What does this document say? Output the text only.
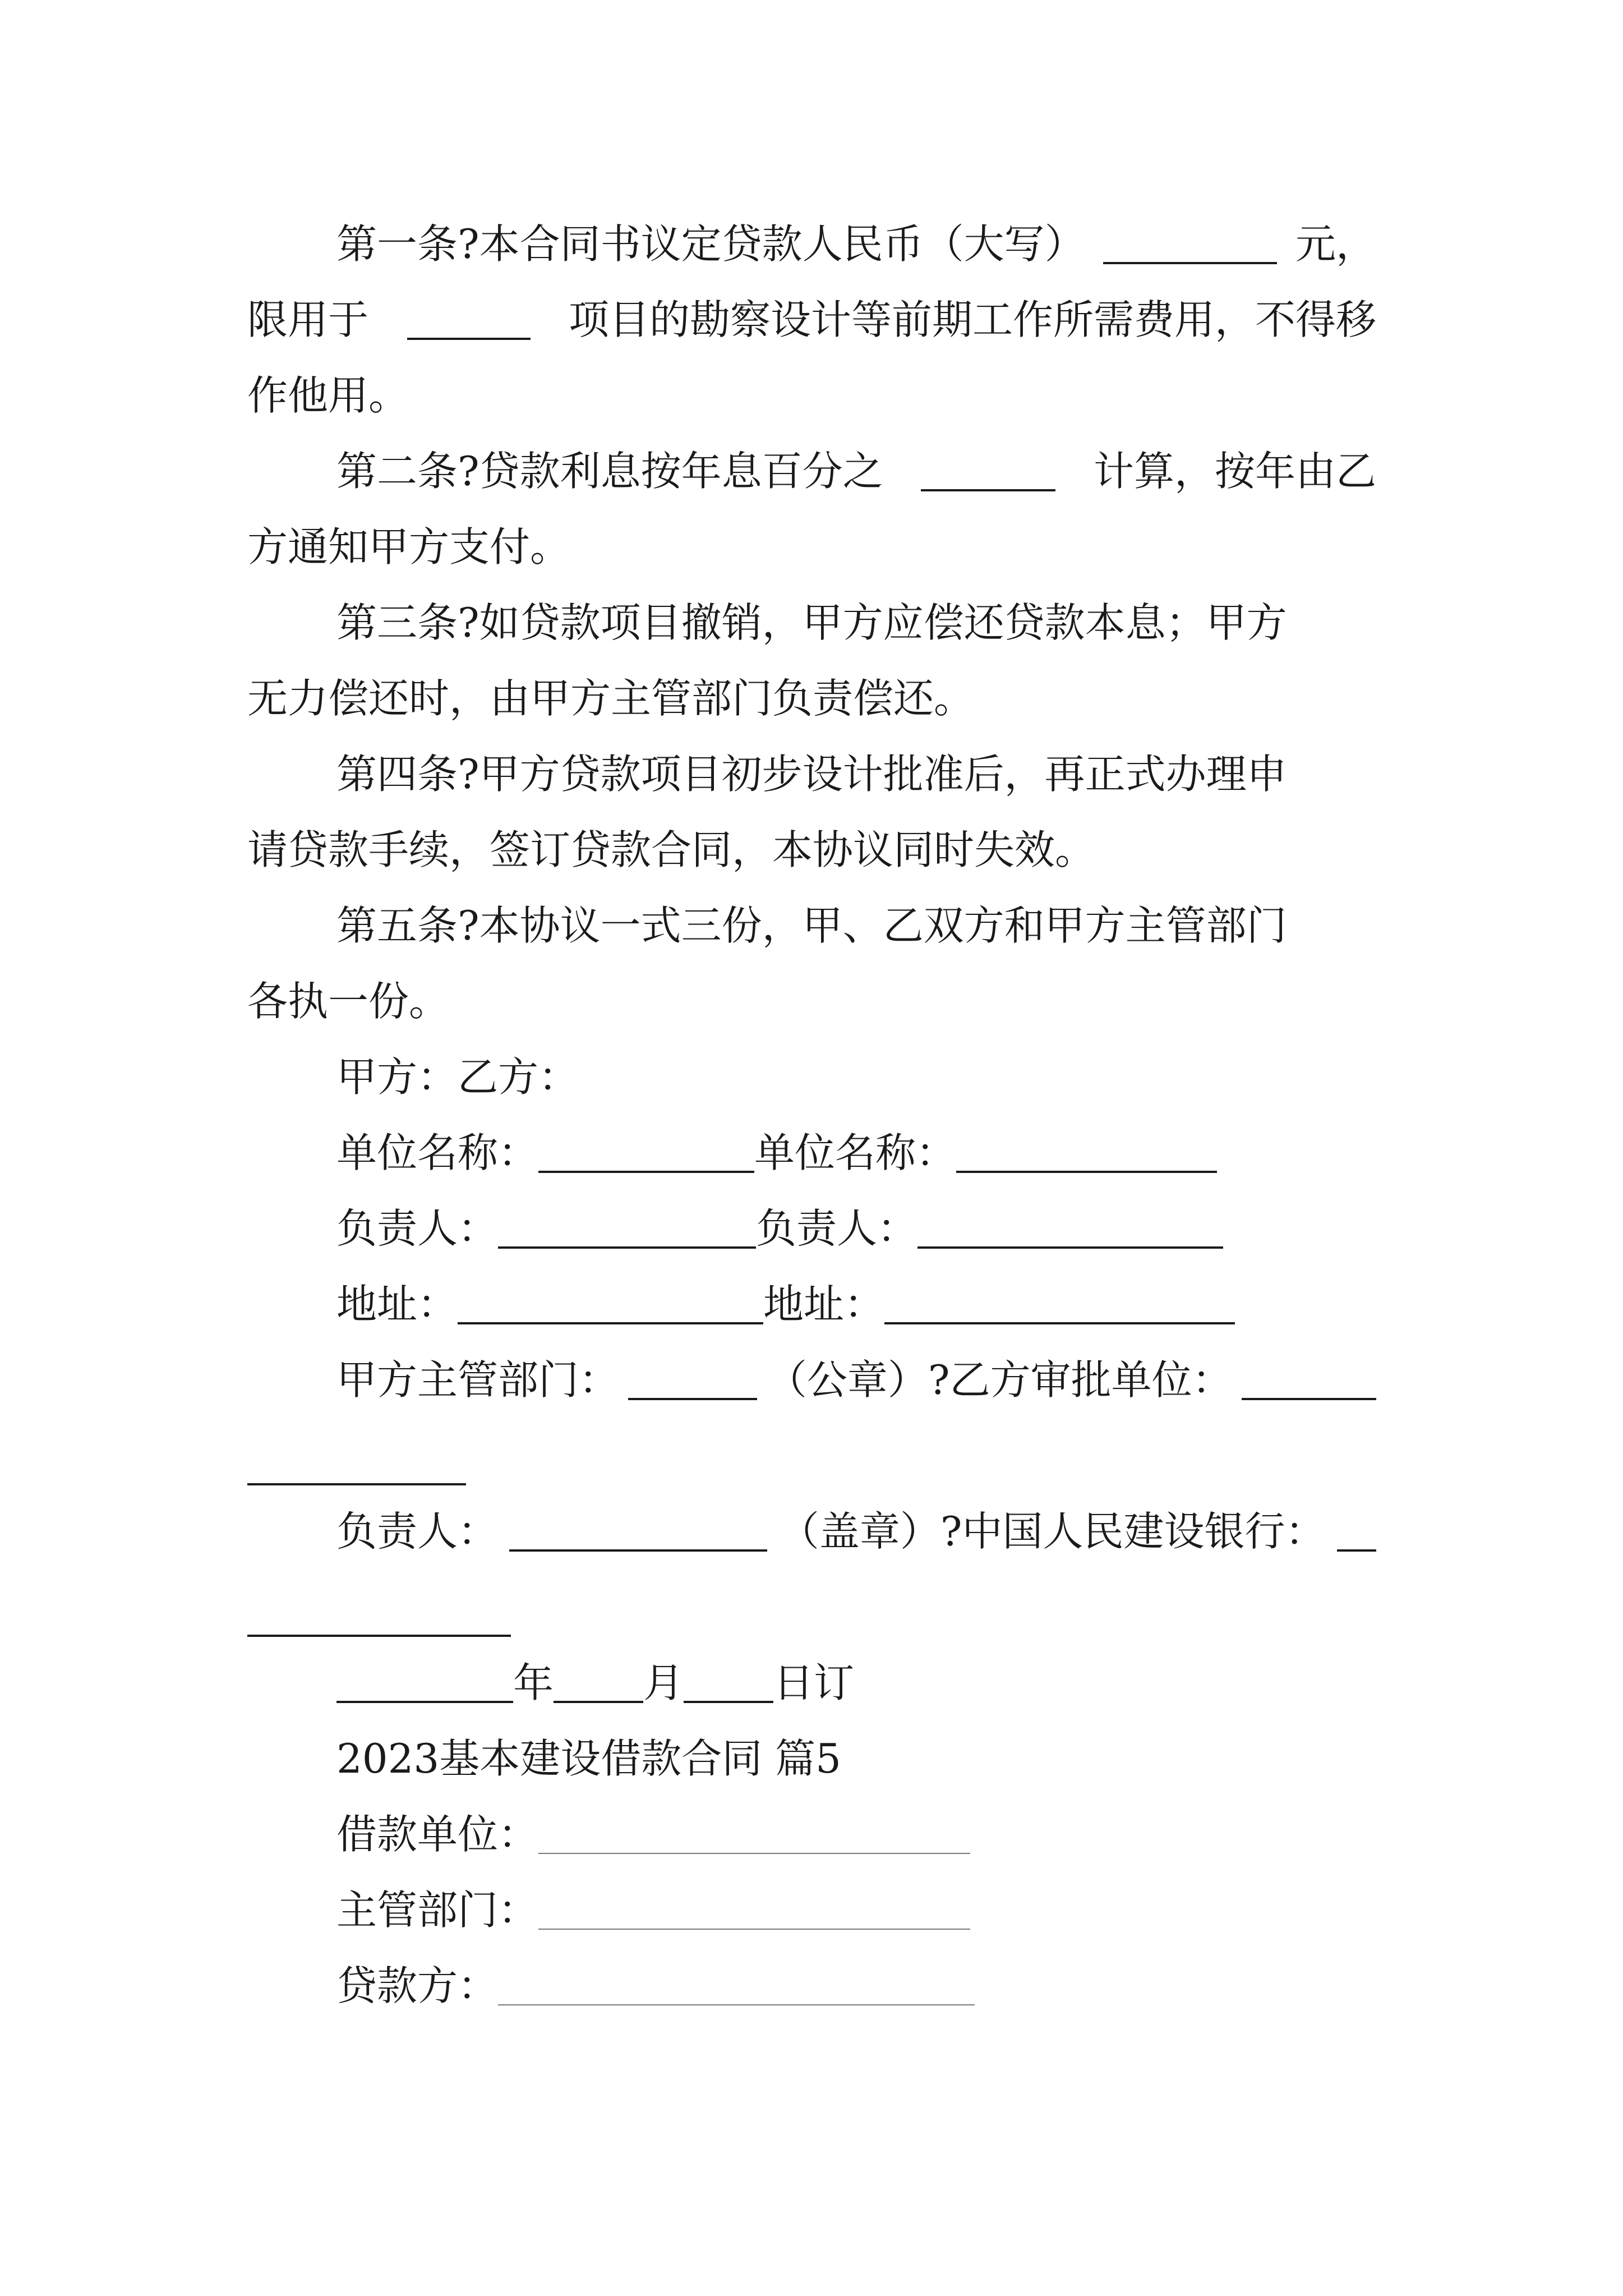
第一条?本合同书议定贷款人民币（大写）	元，
限用于	项目的勘察设计等前期工作所需费用，不得移
作他用。
第二条?贷款利息按年息百分之	计算，按年由乙
方通知甲方支付。
第三条?如贷款项目撤销，甲方应偿还贷款本息；甲方
无力偿还时，由甲方主管部门负责偿还。
第四条?甲方贷款项目初步设计批准后，再正式办理申
请贷款手续，签订贷款合同，本协议同时失效。
第五条?本协议一式三份，甲、乙双方和甲方主管部门
各执一份。
甲方：乙方：
单位名称：	单位名称：
负责人：	负责人：
地址：	地址：
甲方主管部门：	（公章）?乙方审批单位：
负责人：	（盖章）?中国人民建设银行：
年 月 日订
2023基本建设借款合同 篇5
借款单位：
主管部门：
贷款方：
